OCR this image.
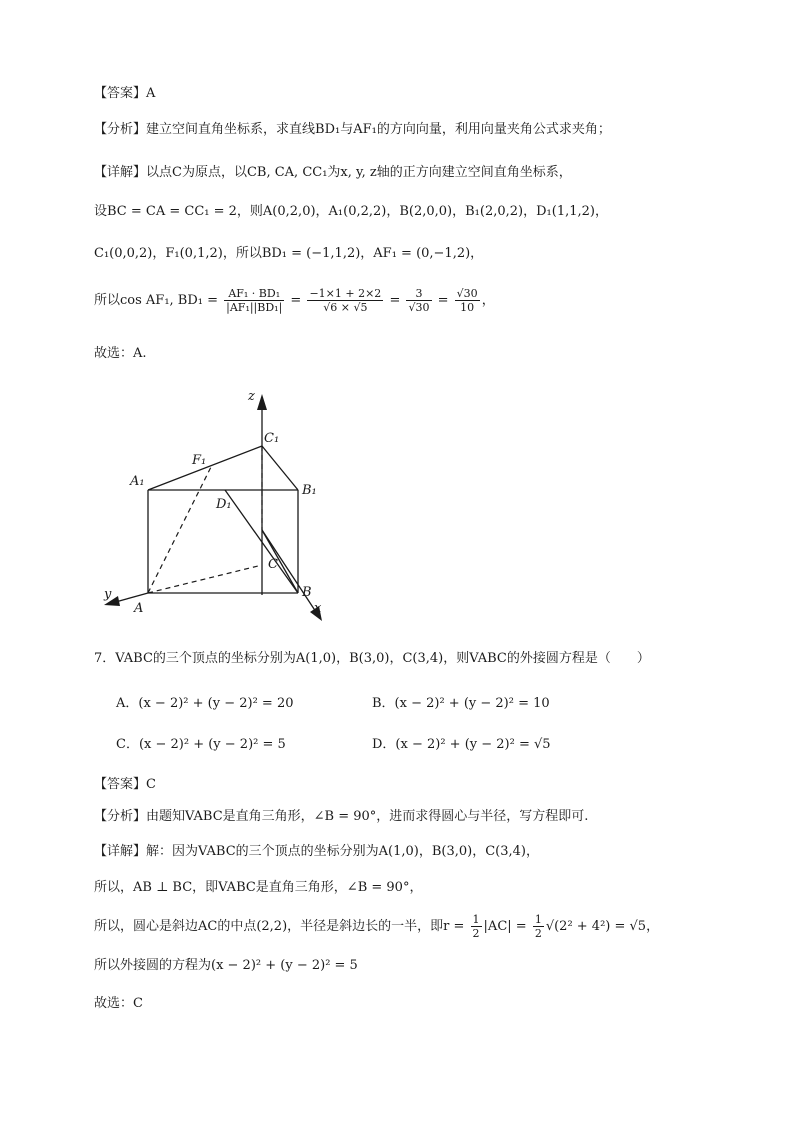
【答案】A
【分析】建立空间直角坐标系，求直线BD₁与AF₁的方向向量，利用向量夹角公式求夹角；
【详解】以点C为原点，以CB, CA, CC₁为x, y, z轴的正方向建立空间直角坐标系，
设BC = CA = CC₁ = 2，则A(0,2,0)，A₁(0,2,2)，B(2,0,0)，B₁(2,0,2)，D₁(1,1,2)，
C₁(0,0,2)，F₁(0,1,2)，所以BD₁ = (−1,1,2)，AF₁ = (0,−1,2)，
所以cos AF₁, $BD_1 = \frac{\text{AF₁ · BD₁}}{\text{|AF₁||BD₁|}} = \frac{-1\times 1 + 2\times 2}{√6 \times √5} = \frac{3}{√30} = \frac{√30}{10}$ ，
故选：A.
z
y
x
A
B
C
A₁
B₁
C₁
D₁
F₁
7．VABC的三个顶点的坐标分别为A(1,0)，B(3,0)，C(3,4)，则VABC的外接圆方程是（　　）
A．(x − 2)² + (y − 2)² = 20	B．(x − 2)² + (y − 2)² = 10
C．(x − 2)² + (y − 2)² = 5	D．(x − 2)² + (y − 2)² = √5
【答案】C
【分析】由题知VABC是直角三角形，∠B = 90°，进而求得圆心与半径，写方程即可.
【详解】解：因为VABC的三个顶点的坐标分别为A(1,0)，B(3,0)，C(3,4)，
所以，AB ⊥ BC，即VABC是直角三角形，∠B = 90°，
所以，圆心是斜边AC的中点(2,2)，半径是斜边长的一半，即$r = \frac{1}{2} |AC| = \frac{1}{2} √(2^2 + 4^2) = √5$，
所以外接圆的方程为(x − 2)² + (y − 2)² = 5
故选：C
